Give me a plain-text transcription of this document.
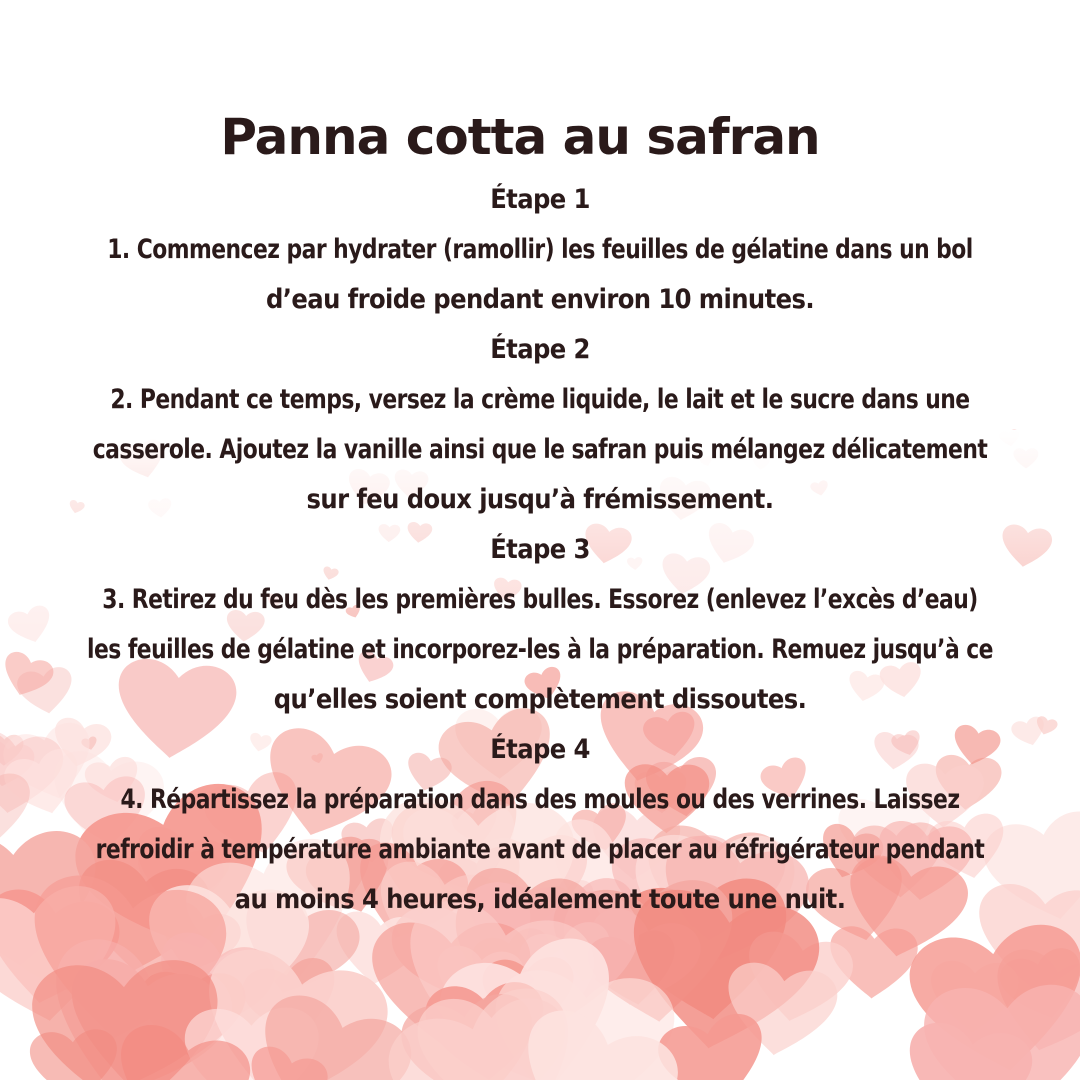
Panna cotta au safran
Étape 1
1. Commencez par hydrater (ramollir) les feuilles de gélatine dans un bol
d’eau froide pendant environ 10 minutes.
Étape 2
2. Pendant ce temps, versez la crème liquide, le lait et le sucre dans une
casserole. Ajoutez la vanille ainsi que le safran puis mélangez délicatement
sur feu doux jusqu’à frémissement.
Étape 3
3. Retirez du feu dès les premières bulles. Essorez (enlevez l’excès d’eau)
les feuilles de gélatine et incorporez-les à la préparation. Remuez jusqu’à ce
qu’elles soient complètement dissoutes.
Étape 4
4. Répartissez la préparation dans des moules ou des verrines. Laissez
refroidir à température ambiante avant de placer au réfrigérateur pendant
au moins 4 heures, idéalement toute une nuit.
